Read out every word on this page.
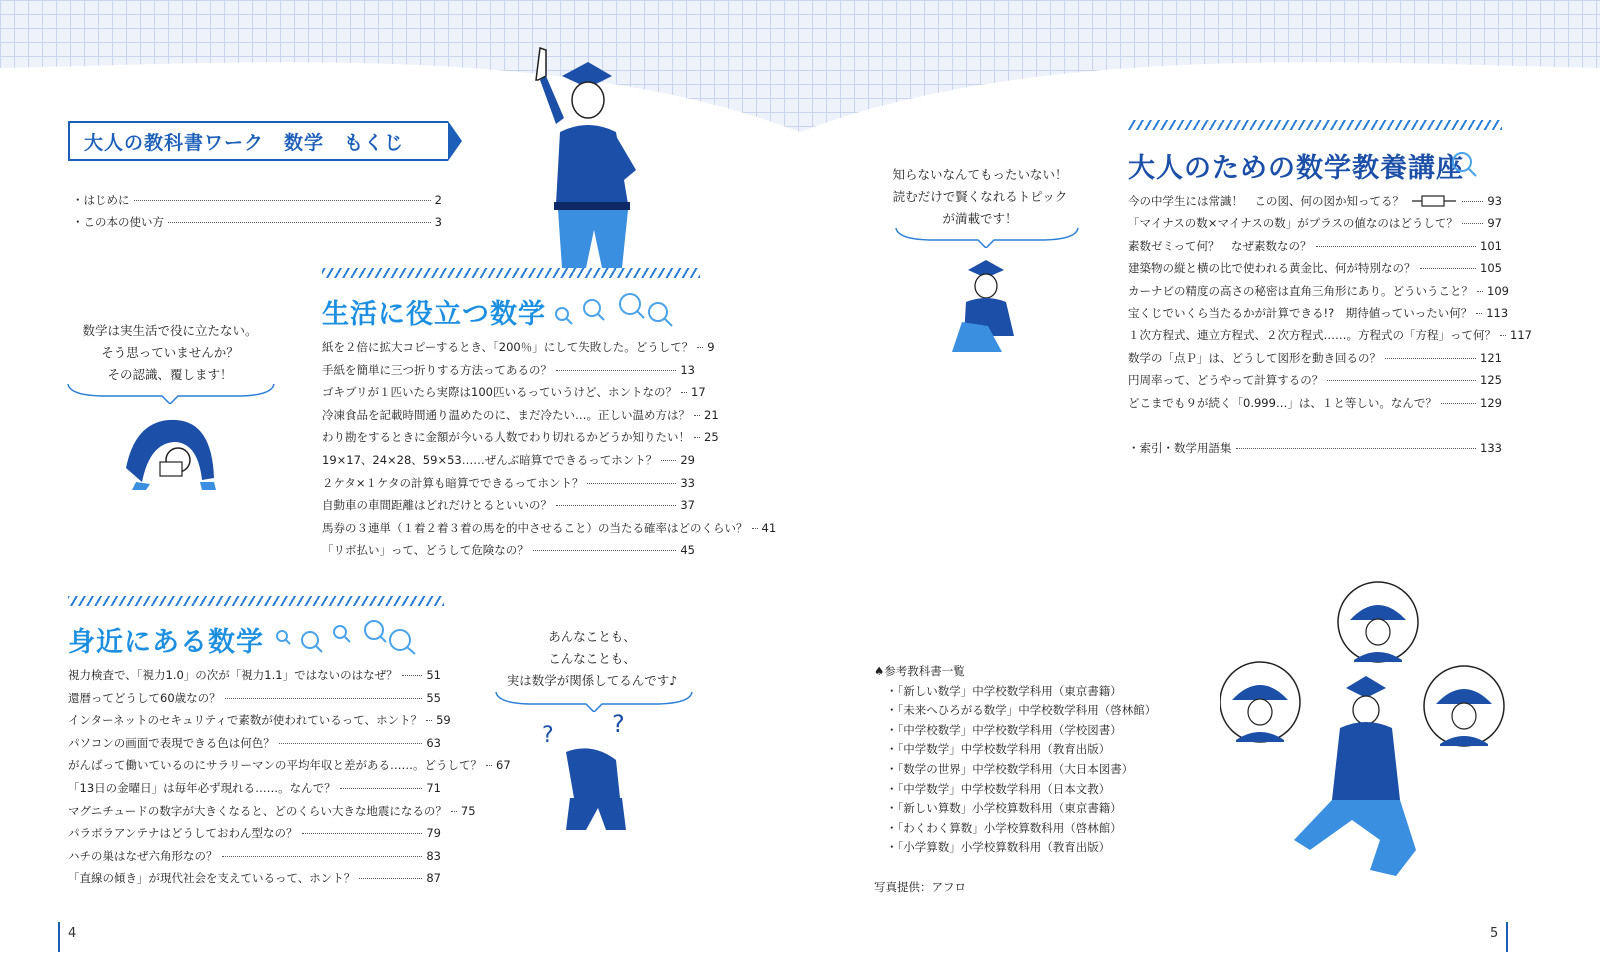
大人の教科書ワーク　数学　もくじ
・はじめに	2
・この本の使い方	3
数学は実生活で役に立たない。
そう思っていませんか？
その認識、覆します！
生活に役立つ数学
紙を２倍に拡大コピーするとき、「200％」にして失敗した。どうして？ 9
手紙を簡単に三つ折りする方法ってあるの？	13
ゴキブリが１匹いたら実際は100匹いるっていうけど、ホントなの？ 17
冷凍食品を記載時間通り温めたのに、まだ冷たい…。正しい温め方は？ 21
わり勘をするときに金額が今いる人数でわり切れるかどうか知りたい！ 25
19×17、24×28、59×53……ぜんぶ暗算でできるってホント？ 29
２ケタ×１ケタの計算も暗算でできるってホント？	33
自動車の車間距離はどれだけとるといいの？	37
馬券の３連単（１着２着３着の馬を的中させること）の当たる確率はどのくらい？ 41
「リボ払い」って、どうして危険なの？	45
身近にある数学
視力検査で、「視力1.0」の次が「視力1.1」ではないのはなぜ？	51
還暦ってどうして60歳なの？	55
インターネットのセキュリティで素数が使われているって、ホント？ 59
パソコンの画面で表現できる色は何色？	63
がんばって働いているのにサラリーマンの平均年収と差がある……。どうして？ 67
「13日の金曜日」は毎年必ず現れる……。なんで？	71
マグニチュードの数字が大きくなると、どのくらい大きな地震になるの？ 75
パラボラアンテナはどうしておわん型なの？	79
ハチの巣はなぜ六角形なの？	83
「直線の傾き」が現代社会を支えているって、ホント？	87
あんなことも、
こんなことも、
実は数学が関係してるんです♪
? ?
4
知らないなんてもったいない！
読むだけで賢くなれるトピック
が満載です！
大人のための数学教養講座
今の中学生には常識！　この図、何の図か知ってる？	93
「マイナスの数×マイナスの数」がプラスの値なのはどうして？	97
素数ゼミって何？　なぜ素数なの？	101
建築物の縦と横の比で使われる黄金比、何が特別なの？	105
カーナビの精度の高さの秘密は直角三角形にあり。どういうこと？ 109
宝くじでいくら当たるかが計算できる!?　期待値っていったい何？ 113
１次方程式、連立方程式、２次方程式……。方程式の「方程」って何？ 117
数学の「点Ｐ」は、どうして図形を動き回るの？	121
円周率って、どうやって計算するの？	125
どこまでも９が続く「0.999…」は、１と等しい。なんで？	129
・索引・数学用語集	133
♠参考教科書一覧
・「新しい数学」中学校数学科用（東京書籍）
・「未来へひろがる数学」中学校数学科用（啓林館）
・「中学校数学」中学校数学科用（学校図書）
・「中学数学」中学校数学科用（教育出版）
・「数学の世界」中学校数学科用（大日本図書）
・「中学数学」中学校数学科用（日本文教）
・「新しい算数」小学校算数科用（東京書籍）
・「わくわく算数」小学校算数科用（啓林館）
・「小学算数」小学校算数科用（教育出版）
写真提供：アフロ
5
